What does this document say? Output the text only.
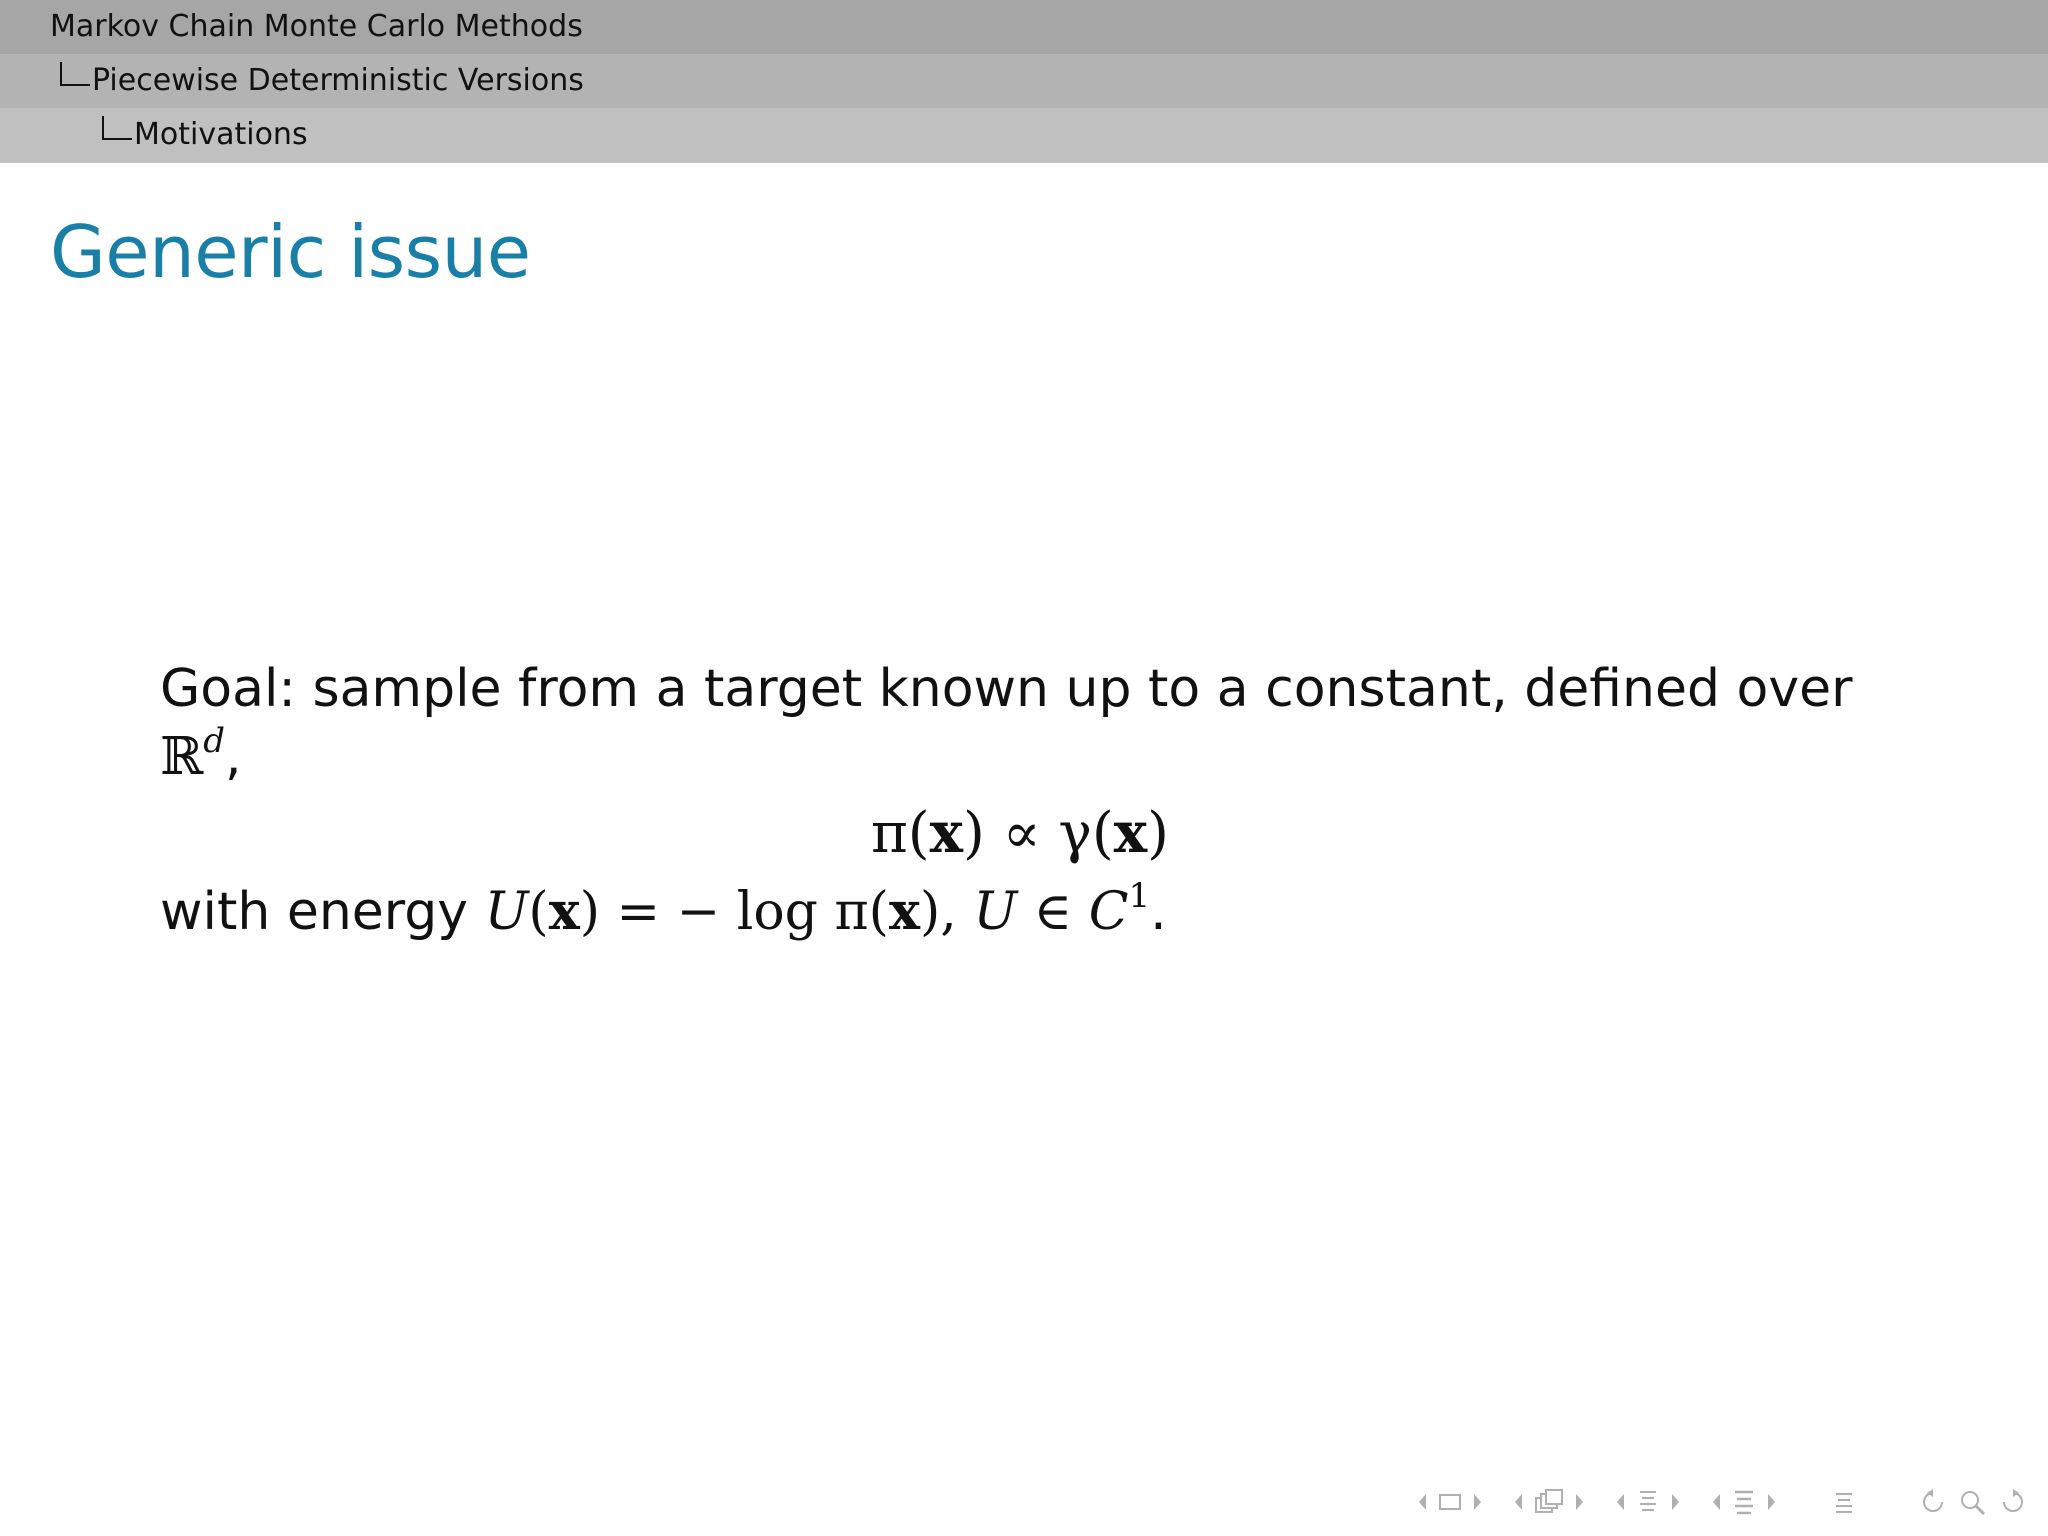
Markov Chain Monte Carlo Methods
Piecewise Deterministic Versions
Motivations
Generic issue
Goal: sample from a target known up to a constant, defined over
ℝ$^d$,
π(x) ∝ γ(x)
with energy U(x) = − log π(x), U ∈ $C^1$.
